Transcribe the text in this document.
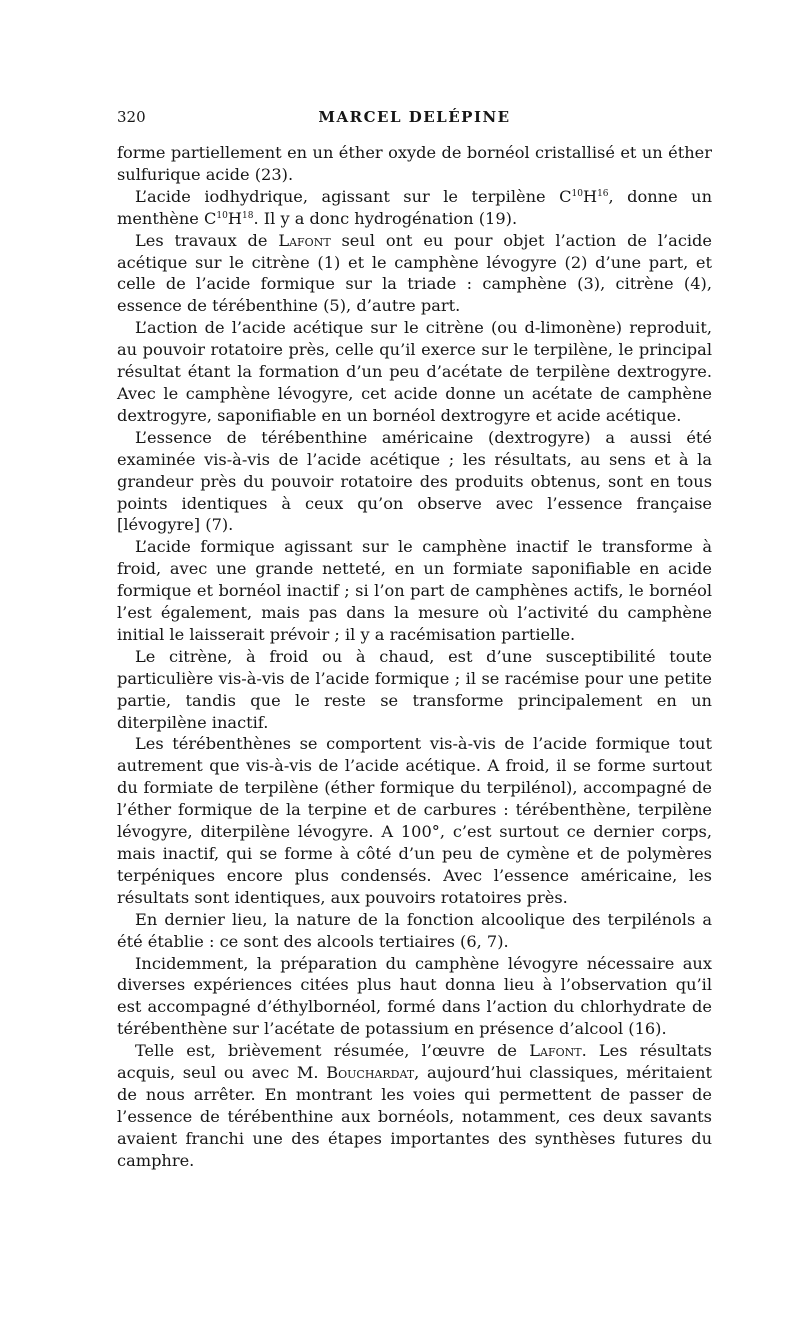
320	MARCEL DELÉPINE

forme partiellement en un éther oxyde de bornéol cristallisé et un éther sulfurique acide (23).

L’acide iodhydrique, agissant sur le terpilène $C^{10}H^{16}$, donne un menthène $C^{10}H^{18}$. Il y a donc hydrogénation (19).

Les travaux de Lafont seul ont eu pour objet l’action de l’acide acétique sur le citrène (1) et le camphène lévogyre (2) d’une part, et celle de l’acide formique sur la triade : camphène (3), citrène (4), essence de térébenthine (5), d’autre part.

L’action de l’acide acétique sur le citrène (ou d-limonène) reproduit, au pouvoir rotatoire près, celle qu’il exerce sur le terpilène, le principal résultat étant la formation d’un peu d’acétate de terpilène dextrogyre. Avec le camphène lévogyre, cet acide donne un acétate de camphène dextrogyre, saponifiable en un bornéol dextrogyre et acide acétique.

L’essence de térébenthine américaine (dextrogyre) a aussi été examinée vis-à-vis de l’acide acétique ; les résultats, au sens et à la grandeur près du pouvoir rotatoire des produits obtenus, sont en tous points identiques à ceux qu’on observe avec l’essence française [lévogyre] (7).

L’acide formique agissant sur le camphène inactif le transforme à froid, avec une grande netteté, en un formiate saponifiable en acide formique et bornéol inactif ; si l’on part de camphènes actifs, le bornéol l’est également, mais pas dans la mesure où l’activité du camphène initial le laisserait prévoir ; il y a racémisation partielle.

Le citrène, à froid ou à chaud, est d’une susceptibilité toute particulière vis-à-vis de l’acide formique ; il se racémise pour une petite partie, tandis que le reste se transforme principalement en un diterpilène inactif.

Les térébenthènes se comportent vis-à-vis de l’acide formique tout autrement que vis-à-vis de l’acide acétique. A froid, il se forme surtout du formiate de terpilène (éther formique du terpilénol), accompagné de l’éther formique de la terpine et de carbures : térébenthène, terpilène lévogyre, diterpilène lévogyre. A 100°, c’est surtout ce dernier corps, mais inactif, qui se forme à côté d’un peu de cymène et de polymères terpéniques encore plus condensés. Avec l’essence américaine, les résultats sont identiques, aux pouvoirs rotatoires près.

En dernier lieu, la nature de la fonction alcoolique des terpilénols a été établie : ce sont des alcools tertiaires (6, 7).

Incidemment, la préparation du camphène lévogyre nécessaire aux diverses expériences citées plus haut donna lieu à l’observation qu’il est accompagné d’éthylbornéol, formé dans l’action du chlorhydrate de térébenthène sur l’acétate de potassium en présence d’alcool (16).

Telle est, brièvement résumée, l’œuvre de Lafont. Les résultats acquis, seul ou avec M. Bouchardat, aujourd’hui classiques, méritaient de nous arrêter. En montrant les voies qui permettent de passer de l’essence de térébenthine aux bornéols, notamment, ces deux savants avaient franchi une des étapes importantes des synthèses futures du camphre.
